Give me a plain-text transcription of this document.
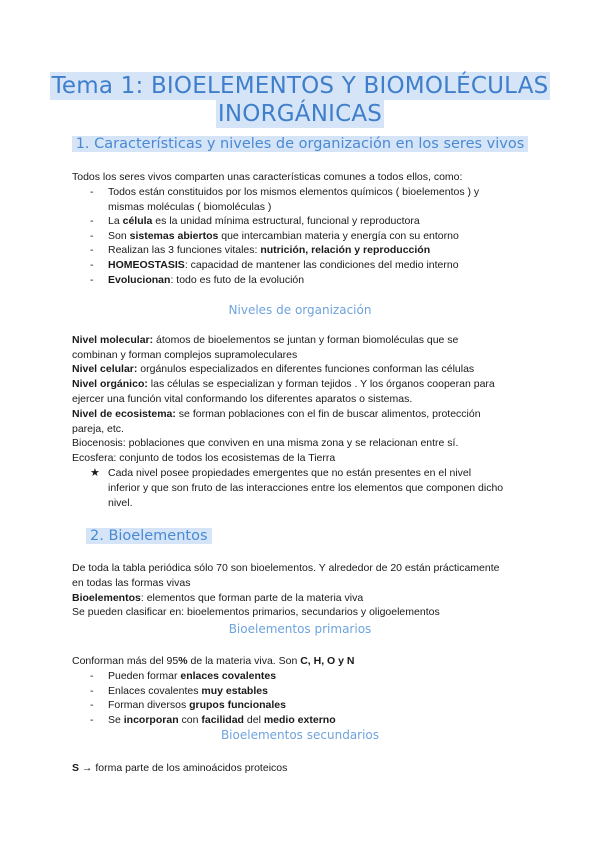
Tema 1: BIOELEMENTOS Y BIOMOLÉCULAS
INORGÁNICAS
1. Características y niveles de organización en los seres vivos
Todos los seres vivos comparten unas características comunes a todos ellos, como:
- Todos están constituidos por los mismos elementos químicos ( bioelementos ) y
mismas moléculas ( biomoléculas )
- La célula es la unidad mínima estructural, funcional y reproductora
- Son sistemas abiertos que intercambian materia y energía con su entorno
- Realizan las 3 funciones vitales: nutrición, relación y reproducción
- HOMEOSTASIS: capacidad de mantener las condiciones del medio interno
- Evolucionan: todo es futo de la evolución
Niveles de organización
Nivel molecular: átomos de bioelementos se juntan y forman biomoléculas que se
combinan y forman complejos supramoleculares
Nivel celular: orgánulos especializados en diferentes funciones conforman las células
Nivel orgánico: las células se especializan y forman tejidos . Y los órganos cooperan para
ejercer una función vital conformando los diferentes aparatos o sistemas.
Nivel de ecosistema: se forman poblaciones con el fin de buscar alimentos, protección
pareja, etc.
Biocenosis: poblaciones que conviven en una misma zona y se relacionan entre sí.
Ecosfera: conjunto de todos los ecosistemas de la Tierra
★ Cada nivel posee propiedades emergentes que no están presentes en el nivel
inferior y que son fruto de las interacciones entre los elementos que componen dicho
nivel.
2. Bioelementos
De toda la tabla periódica sólo 70 son bioelementos. Y alrededor de 20 están prácticamente
en todas las formas vivas
Bioelementos: elementos que forman parte de la materia viva
Se pueden clasificar en: bioelementos primarios, secundarios y oligoelementos
Bioelementos primarios
Conforman más del 95% de la materia viva. Son C, H, O y N
- Pueden formar enlaces covalentes
- Enlaces covalentes muy estables
- Forman diversos grupos funcionales
- Se incorporan con facilidad del medio externo
Bioelementos secundarios
S → forma parte de los aminoácidos proteicos
